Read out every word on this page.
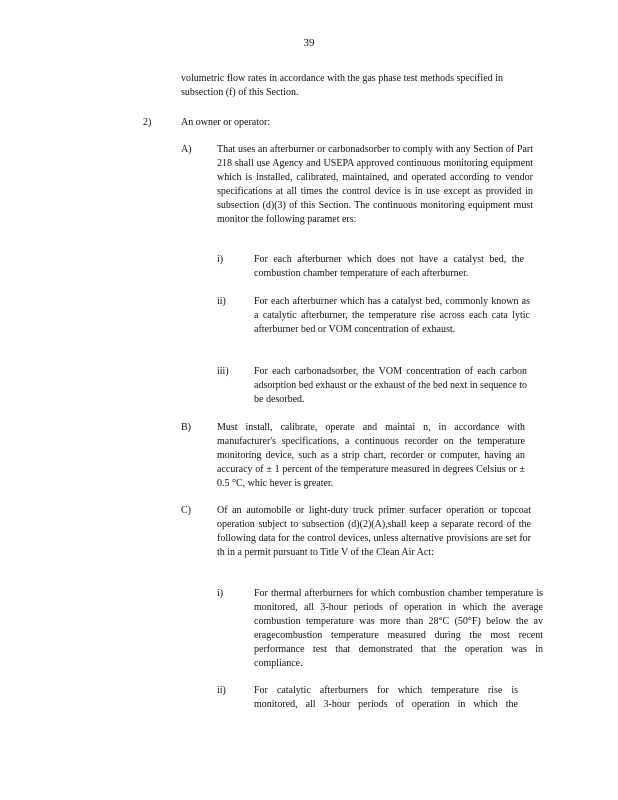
39

volumetric flow rates in accordance with the gas phase test methods specified in subsection (f) of this Section.

2)	An owner or operator:

A)	That uses an afterburner or carbonadsorber to comply with any Section of Part 218 shall use Agency and USEPA approved continuous monitoring equipment which is installed, calibrated, maintained, and operated according to vendor specifications at all times the control device is in use except as provided in subsection (d)(3) of this Section. The continuous monitoring equipment must monitor the following paramet ers:

i)	For each afterburner which does not have a catalyst bed, the combustion chamber temperature of each afterburner.

ii)	For each afterburner which has a catalyst bed, commonly known as a catalytic afterburner, the temperature rise across each cata lytic afterburner bed or VOM concentration of exhaust.

iii)	For each carbonadsorber, the VOM concentration of each carbon adsorption bed exhaust or the exhaust of the bed next in sequence to be desorbed.

B)	Must install, calibrate, operate and maintai n, in accordance with manufacturer's specifications, a continuous recorder on the temperature monitoring device, such as a strip chart, recorder or computer, having an accuracy of ± 1 percent of the temperature measured in degrees Celsius or ± 0.5 °C, whic hever is greater.

C)	Of an automobile or light-duty truck primer surfacer operation or topcoat operation subject to subsection (d)(2)(A),shall keep a separate record of the following data for the control devices, unless alternative provisions are set for th in a permit pursuant to Title V of the Clean Air Act:

i)	For thermal afterburners for which combustion chamber temperature is monitored, all 3-hour periods of operation in which the average combustion temperature was more than 28°C (50°F) below the av eragecombustion temperature measured during the most recent performance test that demonstrated that the operation was in compliance.

ii)	For catalytic afterburners for which temperature rise is monitored, all 3-hour periods of operation in which the
